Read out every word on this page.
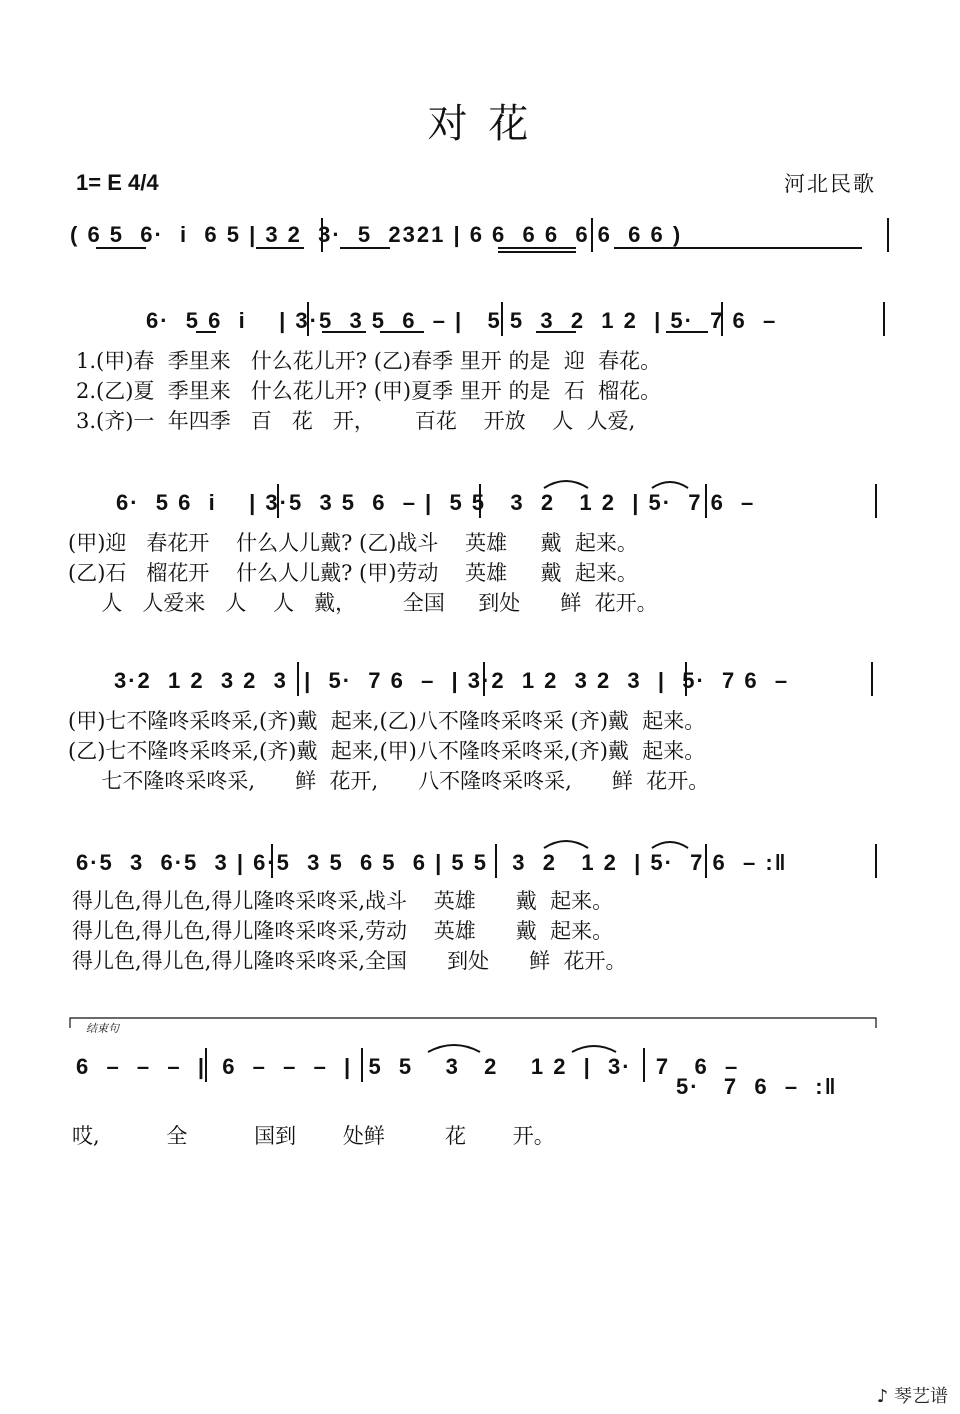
对 花
1= E 4/4	河北民歌
( 6 5  6·  i  6 5 | 3 2  3·  5  2321 | 6 6  6 6  6 6  6 6 )
6·  5 6  i    | 3·5  3 5  6  – |   5 5  3  2  1 2  | 5·  7 6  –
1.(甲)春  季里来   什么花儿开? (乙)春季 里开 的是  迎  春花。
2.(乙)夏  季里来   什么花儿开? (甲)夏季 里开 的是  石  榴花。
3.(齐)一  年四季   百   花   开，      百花    开放    人  人爱,
6·  5 6  i    | 3·5  3 5  6  – |  5 5   3  2   1 2  | 5·  7 6  –
(甲)迎   春花开    什么人儿戴? (乙)战斗    英雄     戴  起来。
(乙)石   榴花开    什么人儿戴? (甲)劳动    英雄     戴  起来。
人   人爱来   人    人   戴，       全国     到处      鲜  花开。
3·2  1 2  3 2  3  |  5·  7 6  –  | 3·2  1 2  3 2  3  |  5·  7 6  –
(甲)七不隆咚采咚采,(齐)戴  起来,(乙)八不隆咚采咚采 (齐)戴  起来。
(乙)七不隆咚采咚采,(齐)戴  起来,(甲)八不隆咚采咚采,(齐)戴  起来。
七不隆咚采咚采,      鲜  花开,      八不隆咚采咚采,      鲜  花开。
6·5  3  6·5  3 | 6·5  3 5  6 5  6 | 5 5   3  2   1 2  | 5·  7 6  – :‖
得儿色,得儿色,得儿隆咚采咚采,战斗    英雄      戴  起来。
得儿色,得儿色,得儿隆咚采咚采,劳动    英雄      戴  起来。
得儿色,得儿色,得儿隆咚采咚采,全国      到处      鲜  花开。
结束句
6  –  –  –  |  6  –  –  –  |  5  5    3   2    1 2  |  3·   7   6  –
5·   7  6  –  :‖
哎,          全          国到       处鲜         花       开。
♪ 琴艺谱
